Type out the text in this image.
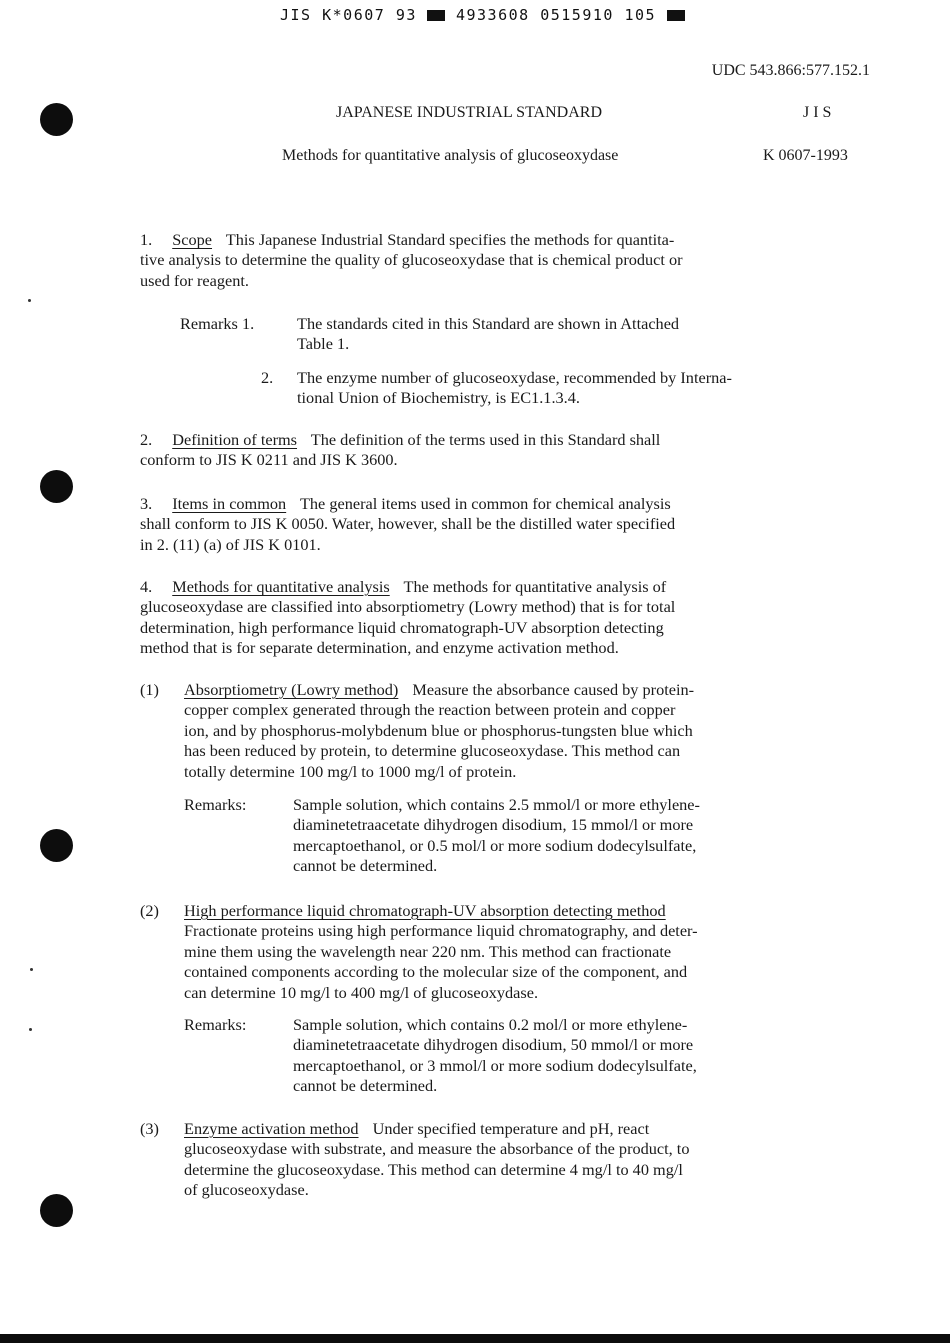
JIS K*0607 93	4933608 0515910 105
UDC 543.866:577.152.1
JAPANESE INDUSTRIAL STANDARD	JIS
Methods for quantitative analysis of glucoseoxydase	K 0607-1993
1. Scope This Japanese Industrial Standard specifies the methods for quantita-
tive analysis to determine the quality of glucoseoxydase that is chemical product or
used for reagent.
Remarks 1.	The standards cited in this Standard are shown in Attached
Table 1.
2. The enzyme number of glucoseoxydase, recommended by Interna-
tional Union of Biochemistry, is EC1.1.3.4.
2. Definition of terms The definition of the terms used in this Standard shall
conform to JIS K 0211 and JIS K 3600.
3. Items in common The general items used in common for chemical analysis
shall conform to JIS K 0050. Water, however, shall be the distilled water specified
in 2. (11) (a) of JIS K 0101.
4. Methods for quantitative analysis The methods for quantitative analysis of
glucoseoxydase are classified into absorptiometry (Lowry method) that is for total
determination, high performance liquid chromatograph-UV absorption detecting
method that is for separate determination, and enzyme activation method.
(1) Absorptiometry (Lowry method) Measure the absorbance caused by protein-
copper complex generated through the reaction between protein and copper
ion, and by phosphorus-molybdenum blue or phosphorus-tungsten blue which
has been reduced by protein, to determine glucoseoxydase. This method can
totally determine 100 mg/l to 1000 mg/l of protein.
Remarks:	Sample solution, which contains 2.5 mmol/l or more ethylene-
diaminetetraacetate dihydrogen disodium, 15 mmol/l or more
mercaptoethanol, or 0.5 mol/l or more sodium dodecylsulfate,
cannot be determined.
(2) High performance liquid chromatograph-UV absorption detecting method
Fractionate proteins using high performance liquid chromatography, and deter-
mine them using the wavelength near 220 nm. This method can fractionate
contained components according to the molecular size of the component, and
can determine 10 mg/l to 400 mg/l of glucoseoxydase.
Remarks:	Sample solution, which contains 0.2 mol/l or more ethylene-
diaminetetraacetate dihydrogen disodium, 50 mmol/l or more
mercaptoethanol, or 3 mmol/l or more sodium dodecylsulfate,
cannot be determined.
(3) Enzyme activation method Under specified temperature and pH, react
glucoseoxydase with substrate, and measure the absorbance of the product, to
determine the glucoseoxydase. This method can determine 4 mg/l to 40 mg/l
of glucoseoxydase.
